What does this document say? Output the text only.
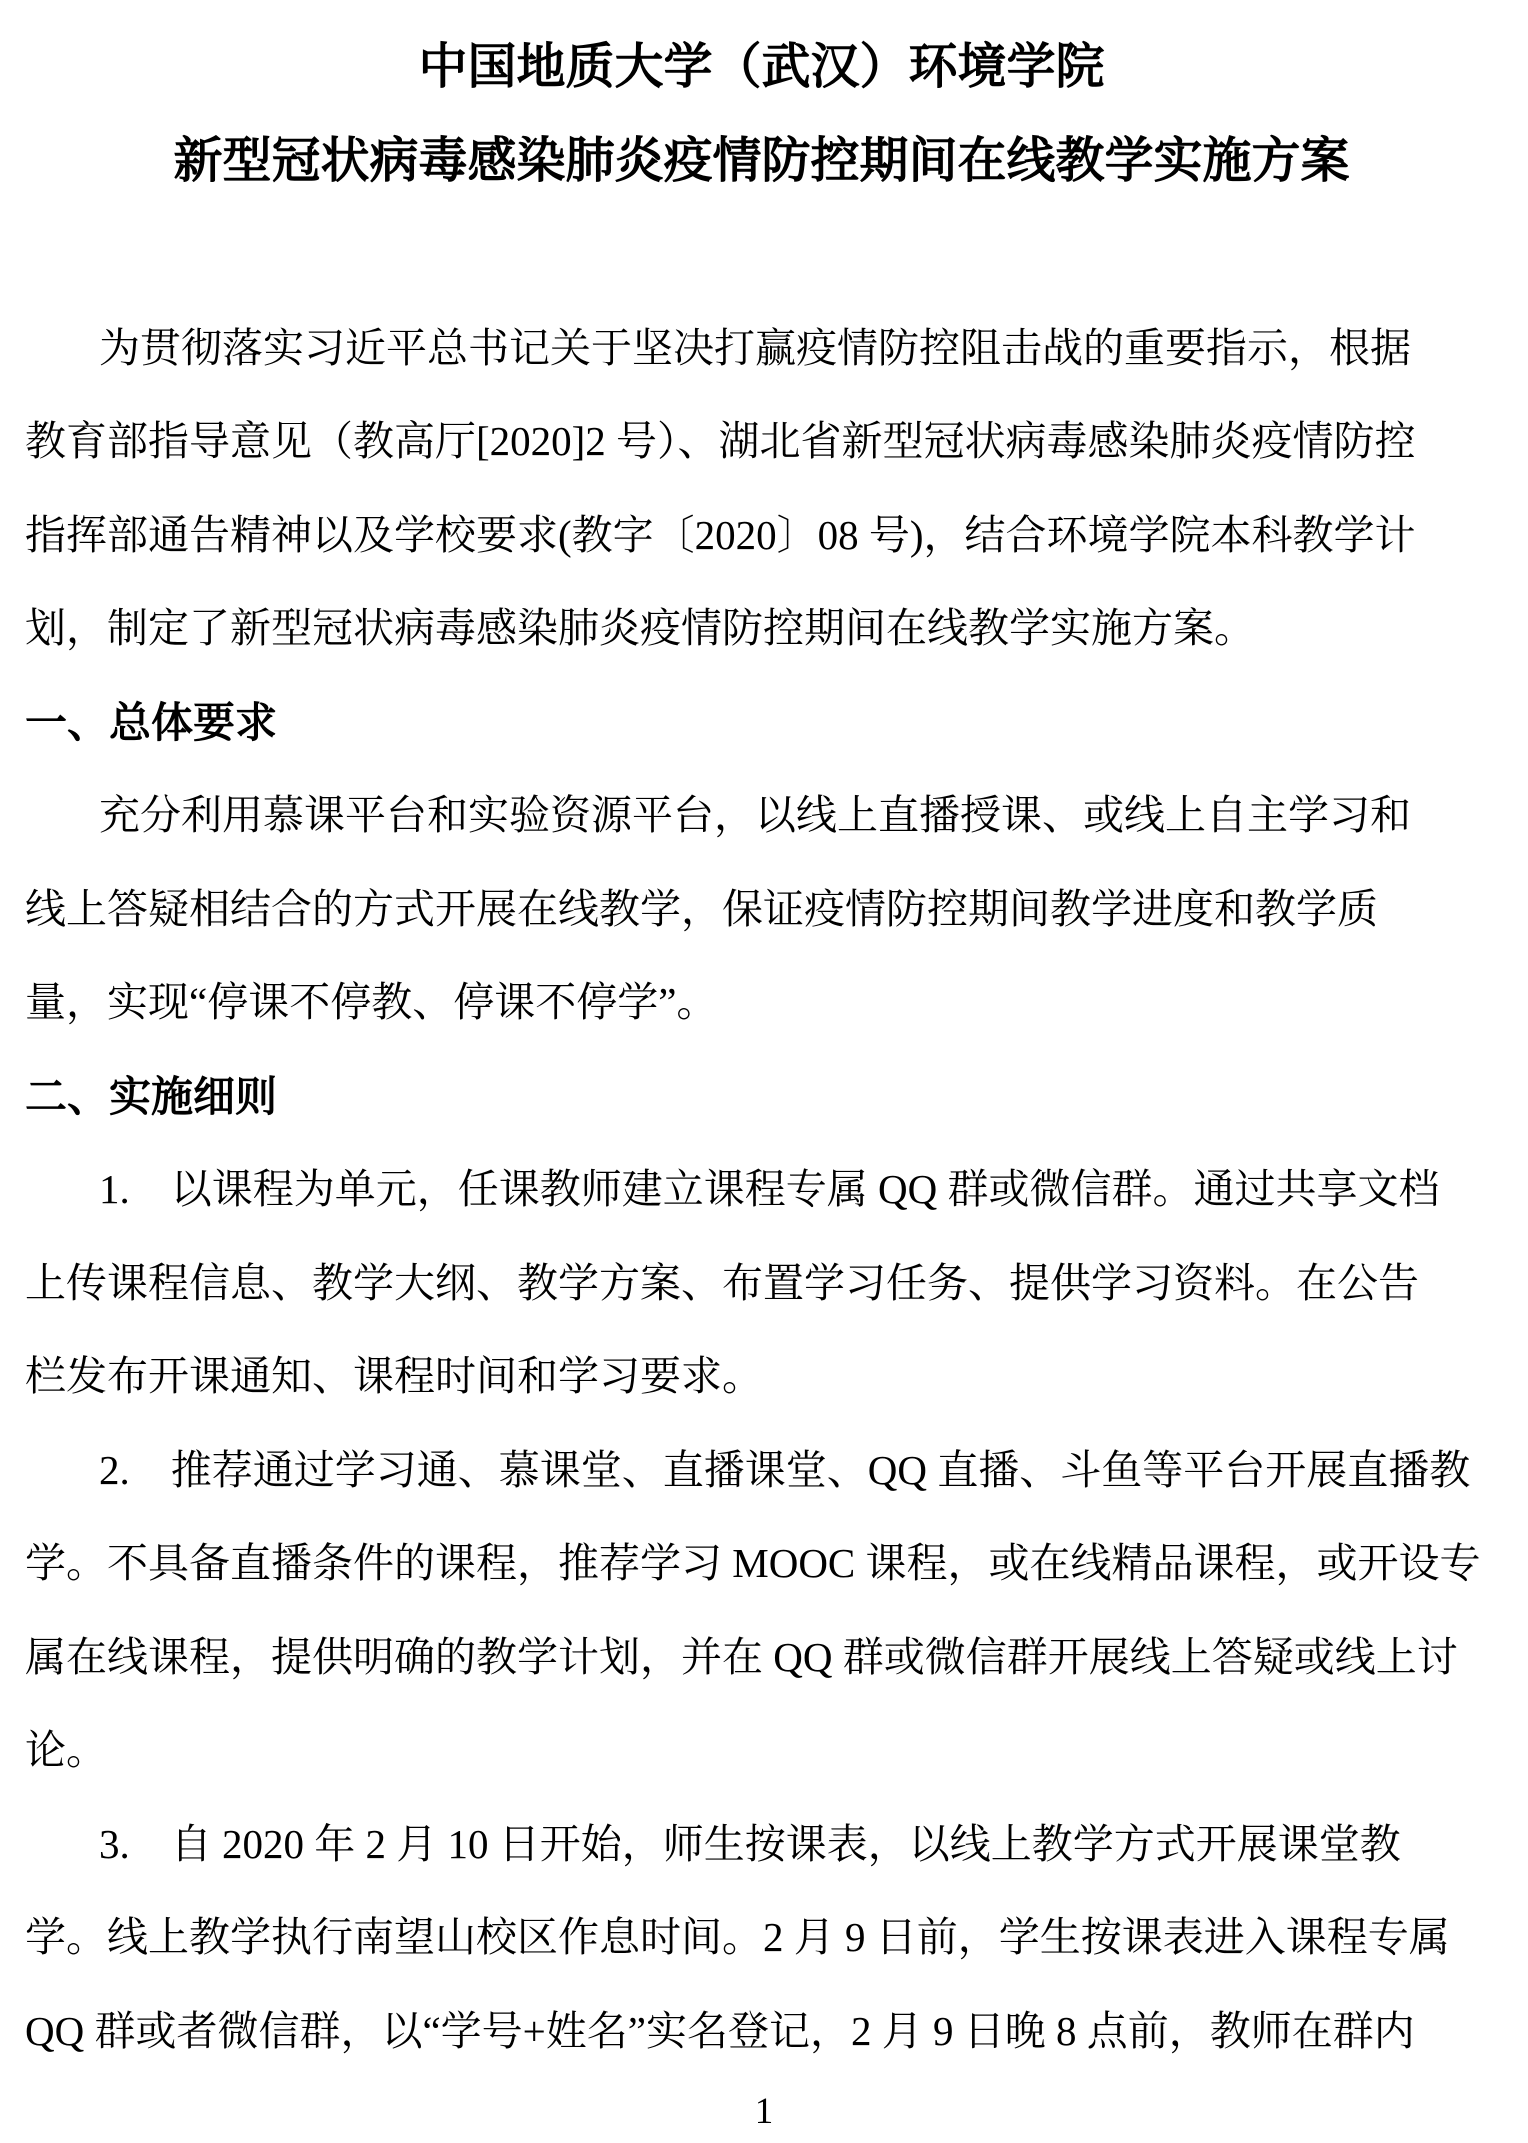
中国地质大学（武汉）环境学院
新型冠状病毒感染肺炎疫情防控期间在线教学实施方案
为贯彻落实习近平总书记关于坚决打赢疫情防控阻击战的重要指示，根据
教育部指导意见（教高厅[2020]2 号）、湖北省新型冠状病毒感染肺炎疫情防控
指挥部通告精神以及学校要求(教字〔2020〕08 号)，结合环境学院本科教学计
划，制定了新型冠状病毒感染肺炎疫情防控期间在线教学实施方案。
一、总体要求
充分利用慕课平台和实验资源平台，以线上直播授课、或线上自主学习和
线上答疑相结合的方式开展在线教学，保证疫情防控期间教学进度和教学质
量，实现“停课不停教、停课不停学”。
二、实施细则
1.　以课程为单元，任课教师建立课程专属 QQ 群或微信群。通过共享文档
上传课程信息、教学大纲、教学方案、布置学习任务、提供学习资料。在公告
栏发布开课通知、课程时间和学习要求。
2.　推荐通过学习通、慕课堂、直播课堂、QQ 直播、斗鱼等平台开展直播教
学。不具备直播条件的课程，推荐学习 MOOC 课程，或在线精品课程，或开设专
属在线课程，提供明确的教学计划，并在 QQ 群或微信群开展线上答疑或线上讨
论。
3.　自 2020 年 2 月 10 日开始，师生按课表，以线上教学方式开展课堂教
学。线上教学执行南望山校区作息时间。2 月 9 日前，学生按课表进入课程专属
QQ 群或者微信群，以“学号+姓名”实名登记，2 月 9 日晚 8 点前，教师在群内
1
